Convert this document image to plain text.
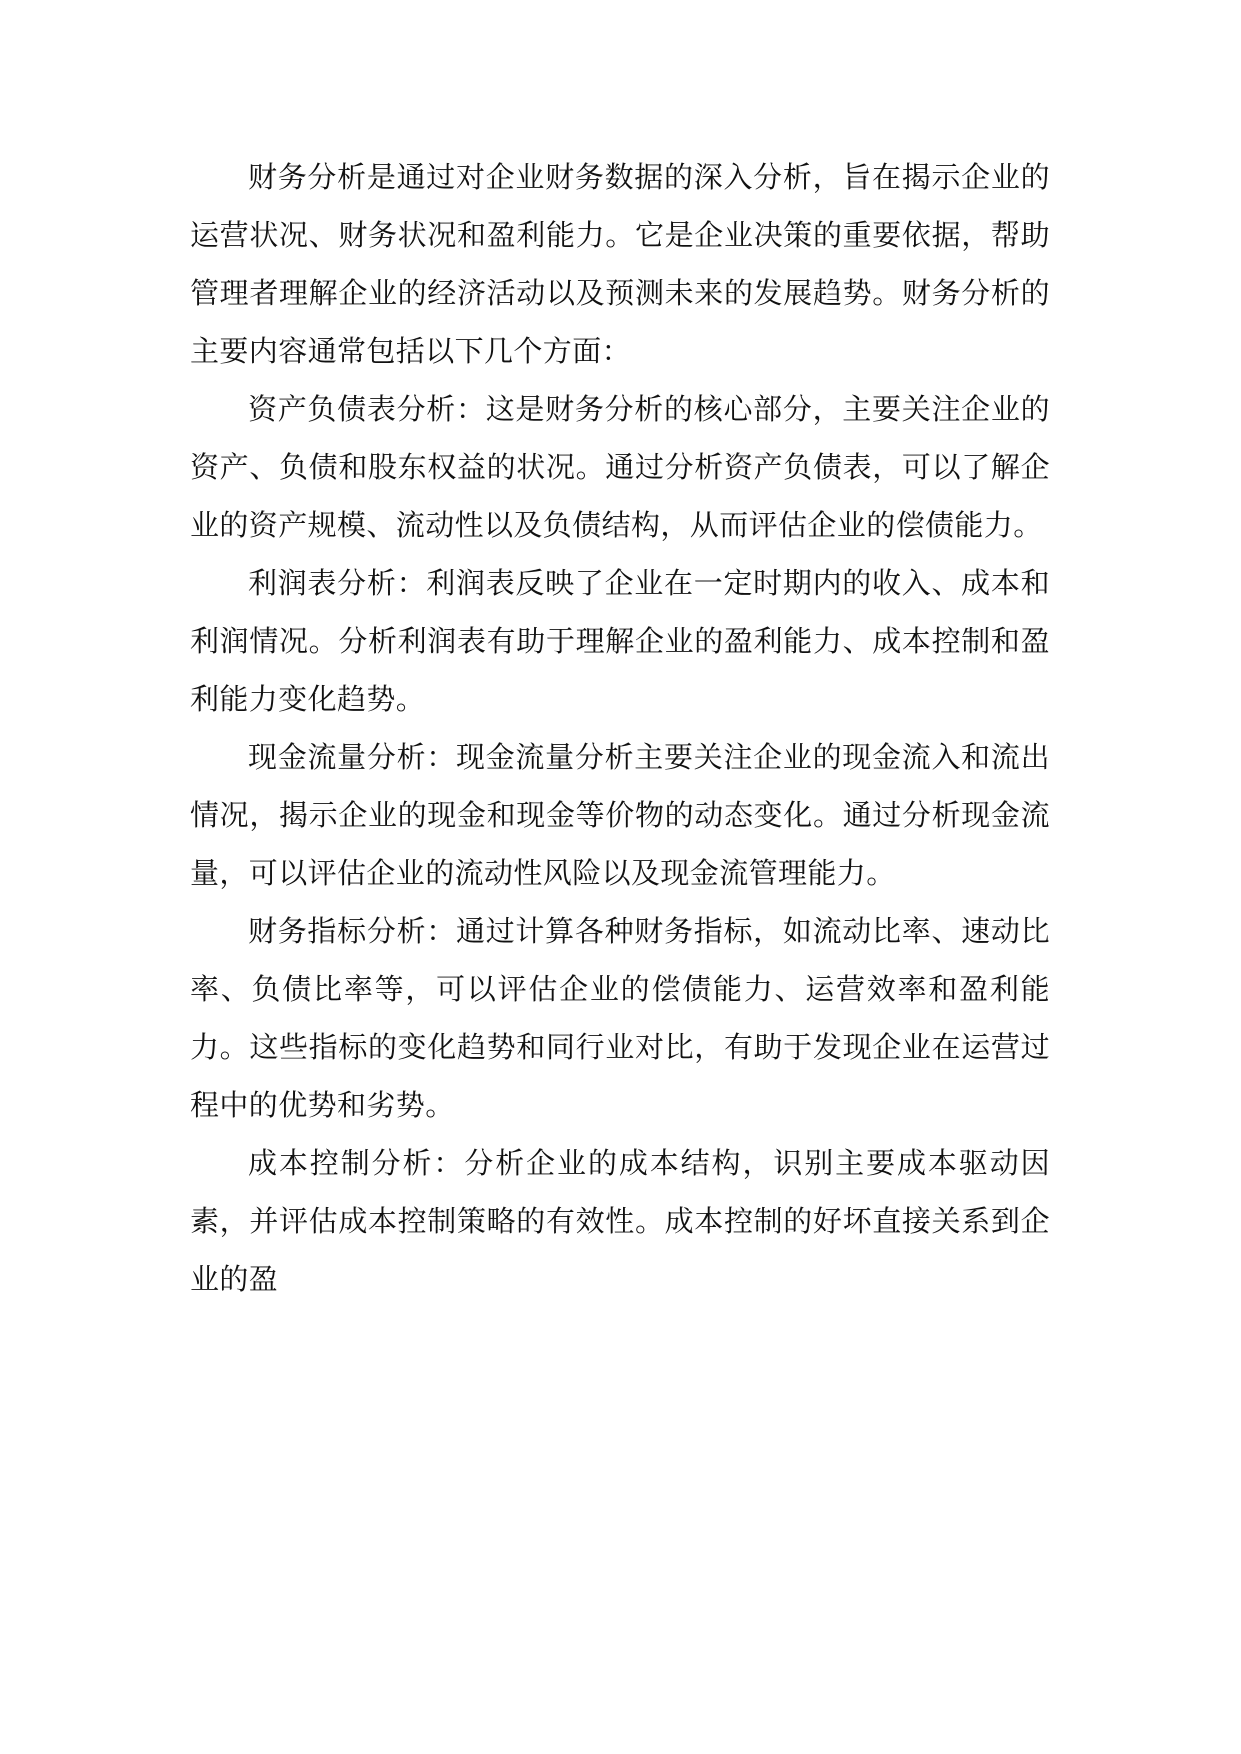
财务分析是通过对企业财务数据的深入分析，旨在揭示企业的运营状况、财务状况和盈利能力。它是企业决策的重要依据，帮助管理者理解企业的经济活动以及预测未来的发展趋势。财务分析的主要内容通常包括以下几个方面：

资产负债表分析：这是财务分析的核心部分，主要关注企业的资产、负债和股东权益的状况。通过分析资产负债表，可以了解企业的资产规模、流动性以及负债结构，从而评估企业的偿债能力。

利润表分析：利润表反映了企业在一定时期内的收入、成本和利润情况。分析利润表有助于理解企业的盈利能力、成本控制和盈利能力变化趋势。

现金流量分析：现金流量分析主要关注企业的现金流入和流出情况，揭示企业的现金和现金等价物的动态变化。通过分析现金流量，可以评估企业的流动性风险以及现金流管理能力。

财务指标分析：通过计算各种财务指标，如流动比率、速动比率、负债比率等，可以评估企业的偿债能力、运营效率和盈利能力。这些指标的变化趋势和同行业对比，有助于发现企业在运营过程中的优势和劣势。

成本控制分析：分析企业的成本结构，识别主要成本驱动因素，并评估成本控制策略的有效性。成本控制的好坏直接关系到企业的盈
